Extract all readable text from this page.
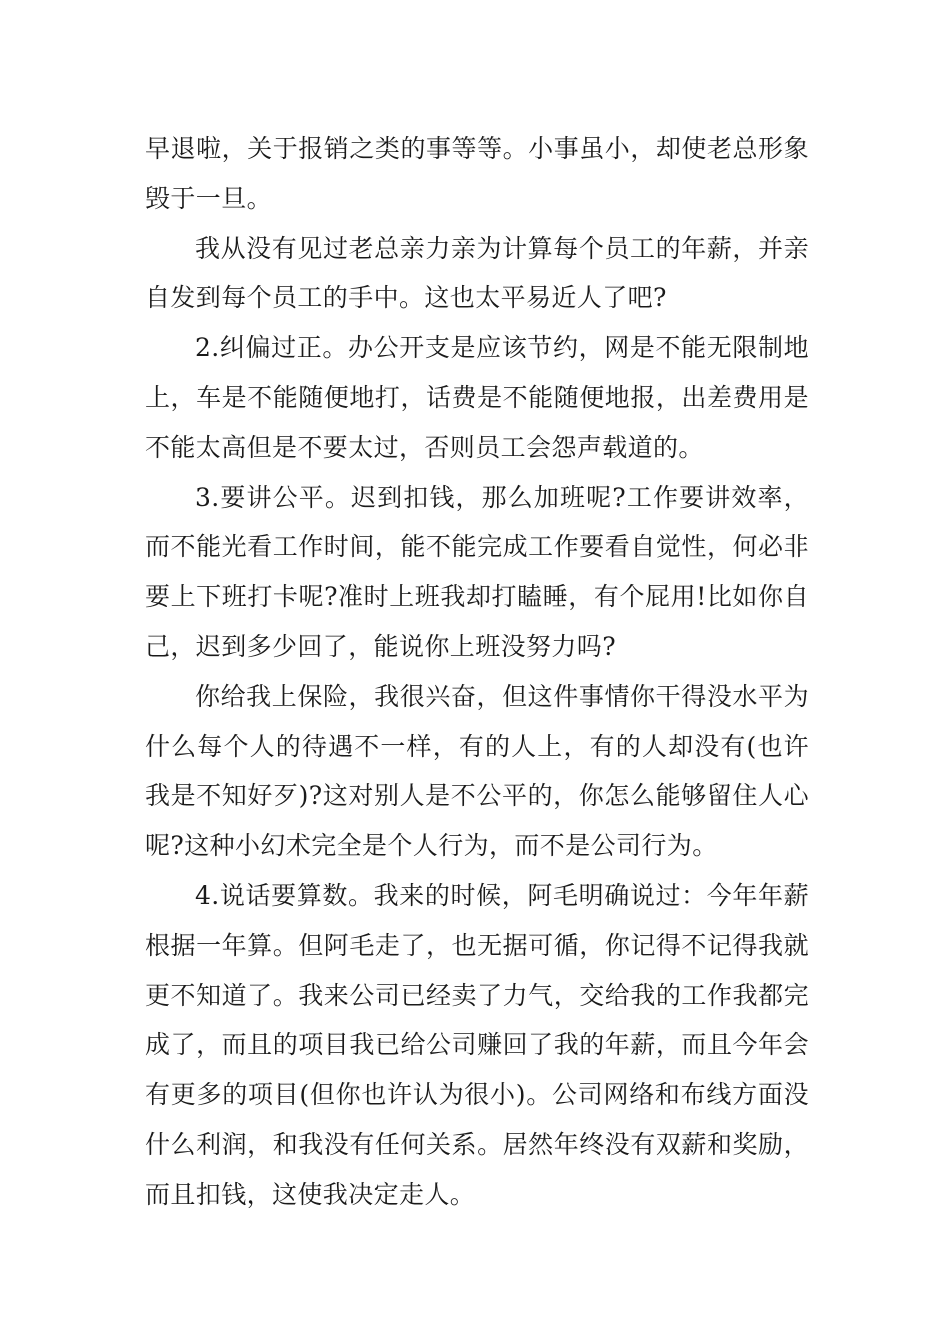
早退啦，关于报销之类的事等等。小事虽小，却使老总形象毁于一旦。

我从没有见过老总亲力亲为计算每个员工的年薪，并亲自发到每个员工的手中。这也太平易近人了吧?

2.纠偏过正。办公开支是应该节约，网是不能无限制地上，车是不能随便地打，话费是不能随便地报，出差费用是不能太高但是不要太过，否则员工会怨声载道的。

3.要讲公平。迟到扣钱，那么加班呢?工作要讲效率，而不能光看工作时间，能不能完成工作要看自觉性，何必非要上下班打卡呢?准时上班我却打瞌睡，有个屁用!比如你自己，迟到多少回了，能说你上班没努力吗?

你给我上保险，我很兴奋，但这件事情你干得没水平为什么每个人的待遇不一样，有的人上，有的人却没有(也许我是不知好歹)?这对别人是不公平的，你怎么能够留住人心呢?这种小幻术完全是个人行为，而不是公司行为。

4.说话要算数。我来的时候，阿毛明确说过：今年年薪根据一年算。但阿毛走了，也无据可循，你记得不记得我就更不知道了。我来公司已经卖了力气，交给我的工作我都完成了，而且的项目我已给公司赚回了我的年薪，而且今年会有更多的项目(但你也许认为很小)。公司网络和布线方面没什么利润，和我没有任何关系。居然年终没有双薪和奖励，而且扣钱，这使我决定走人。
